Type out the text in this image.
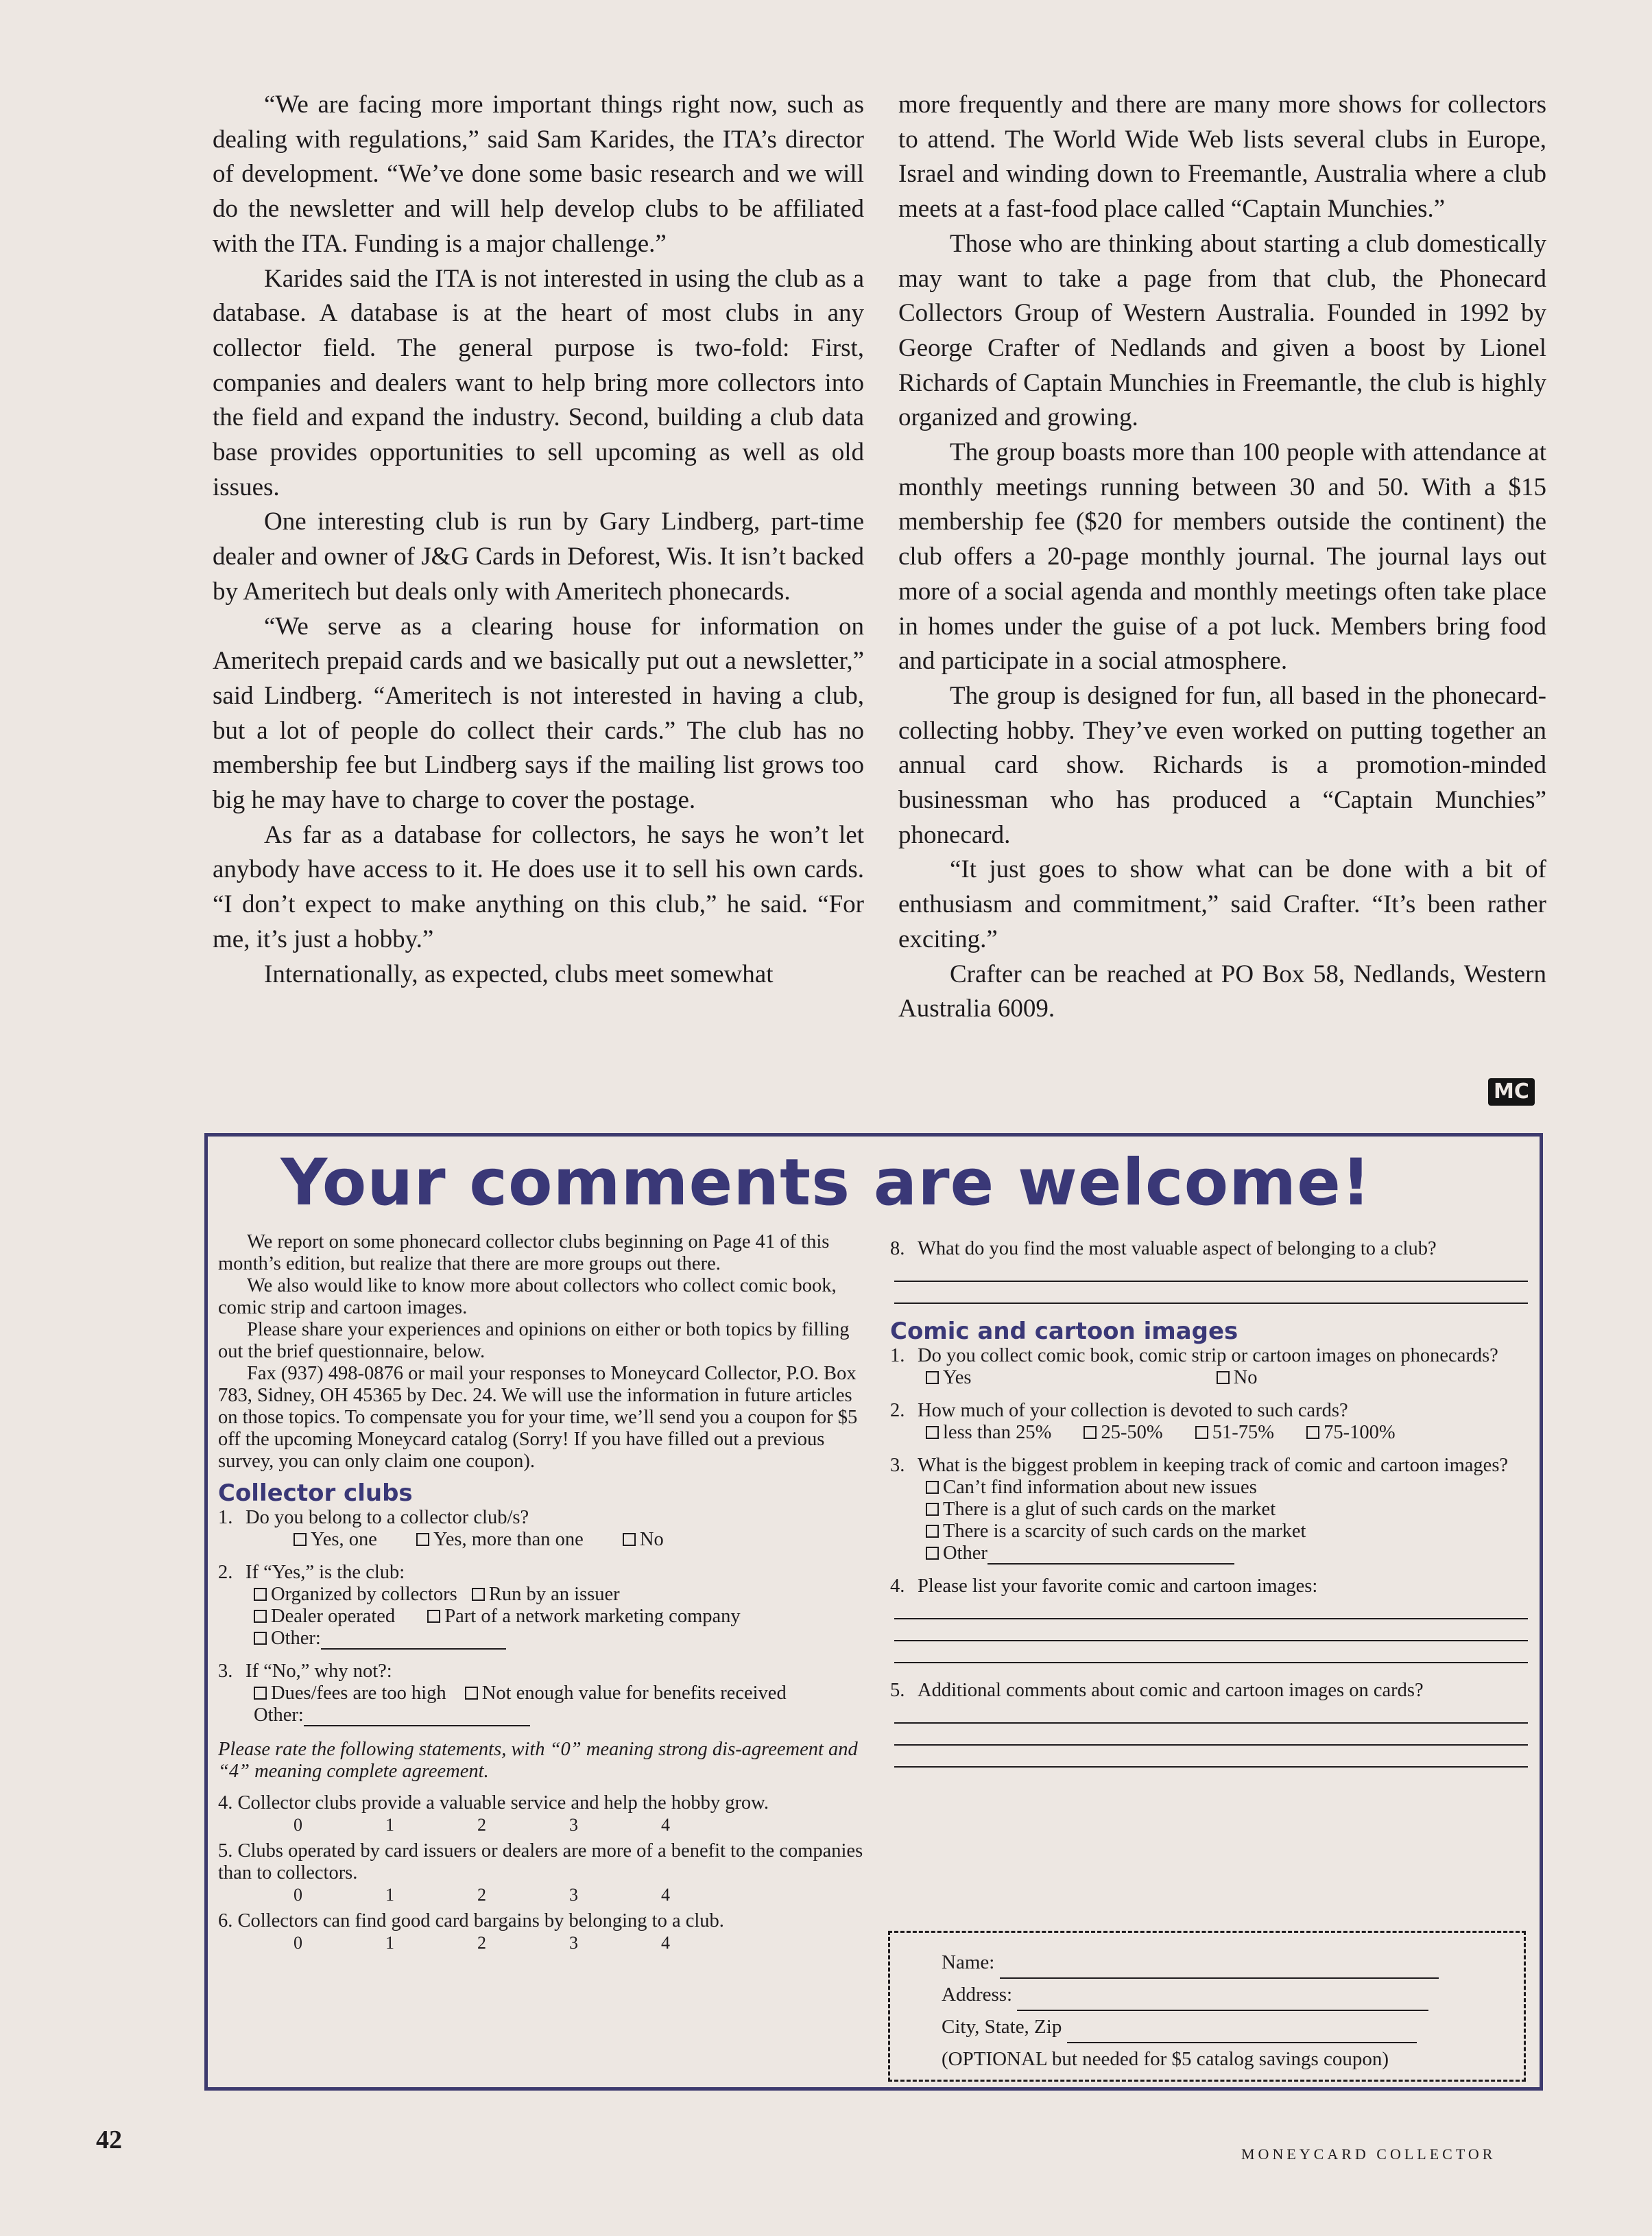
“We are facing more important things right now, such as dealing with regulations,” said Sam Karides, the ITA’s director of development. “We’ve done some basic research and we will do the newsletter and will help develop clubs to be affiliated with the ITA. Funding is a major challenge.”

Karides said the ITA is not interested in using the club as a database. A database is at the heart of most clubs in any collector field. The general purpose is two-fold: First, companies and dealers want to help bring more collectors into the field and expand the industry. Second, building a club data base provides opportunities to sell upcoming as well as old issues.

One interesting club is run by Gary Lindberg, part-time dealer and owner of J&G Cards in Deforest, Wis. It isn’t backed by Ameritech but deals only with Ameritech phonecards.

“We serve as a clearing house for information on Ameritech prepaid cards and we basically put out a newsletter,” said Lindberg. “Ameritech is not interested in having a club, but a lot of people do collect their cards.” The club has no membership fee but Lindberg says if the mailing list grows too big he may have to charge to cover the postage.

As far as a database for collectors, he says he won’t let anybody have access to it. He does use it to sell his own cards. “I don’t expect to make anything on this club,” he said. “For me, it’s just a hobby.”

Internationally, as expected, clubs meet somewhat

more frequently and there are many more shows for collectors to attend. The World Wide Web lists several clubs in Europe, Israel and winding down to Freemantle, Australia where a club meets at a fast-food place called “Captain Munchies.”

Those who are thinking about starting a club domestically may want to take a page from that club, the Phonecard Collectors Group of Western Australia. Founded in 1992 by George Crafter of Nedlands and given a boost by Lionel Richards of Captain Munchies in Freemantle, the club is highly organized and growing.

The group boasts more than 100 people with attendance at monthly meetings running between 30 and 50. With a $15 membership fee ($20 for members outside the continent) the club offers a 20-page monthly journal. The journal lays out more of a social agenda and monthly meetings often take place in homes under the guise of a pot luck. Members bring food and participate in a social atmosphere.

The group is designed for fun, all based in the phonecard-collecting hobby. They’ve even worked on putting together an annual card show. Richards is a promotion-minded businessman who has produced a “Captain Munchies” phonecard.

“It just goes to show what can be done with a bit of enthusiasm and commitment,” said Crafter. “It’s been rather exciting.”

Crafter can be reached at PO Box 58, Nedlands, Western Australia 6009.

MC
Your comments are welcome!

We report on some phonecard collector clubs beginning on Page 41 of this month’s edition, but realize that there are more groups out there.

We also would like to know more about collectors who collect comic book, comic strip and cartoon images.

Please share your experiences and opinions on either or both topics by filling out the brief questionnaire, below.

Fax (937) 498-0876 or mail your responses to Moneycard Collector, P.O. Box 783, Sidney, OH 45365 by Dec. 24. We will use the information in future articles on those topics. To compensate you for your time, we’ll send you a coupon for $5 off the upcoming Moneycard catalog (Sorry! If you have filled out a previous survey, you can only claim one coupon).

Collector clubs
1. Do you belong to a collector club/s?
Yes, one	Yes, more than one	No
2. If “Yes,” is the club:
Organized by collectors Run by an issuer
Dealer operated	Part of a network marketing company
Other:
3. If “No,” why not?:
Dues/fees are too high Not enough value for benefits received
Other:
Please rate the following statements, with “0” meaning strong dis-agreement and “4” meaning complete agreement.
4. Collector clubs provide a valuable service and help the hobby grow.
0	1	2	3	4
5. Clubs operated by card issuers or dealers are more of a benefit to the companies than to collectors.
0	1	2	3	4
6. Collectors can find good card bargains by belonging to a club.
0	1	2	3	4
8. What do you find the most valuable aspect of belonging to a club?
Comic and cartoon images
1. Do you collect comic book, comic strip or cartoon images on phonecards?
Yes	No
2. How much of your collection is devoted to such cards?
less than 25%	25-50%	51-75%	75-100%
3. What is the biggest problem in keeping track of comic and cartoon images?
Can’t find information about new issues
There is a glut of such cards on the market
There is a scarcity of such cards on the market
Other
4. Please list your favorite comic and cartoon images:
5. Additional comments about comic and cartoon images on cards?
Name:
Address:
City, State, Zip
(OPTIONAL but needed for $5 catalog savings coupon)
42	MONEYCARD COLLECTOR
